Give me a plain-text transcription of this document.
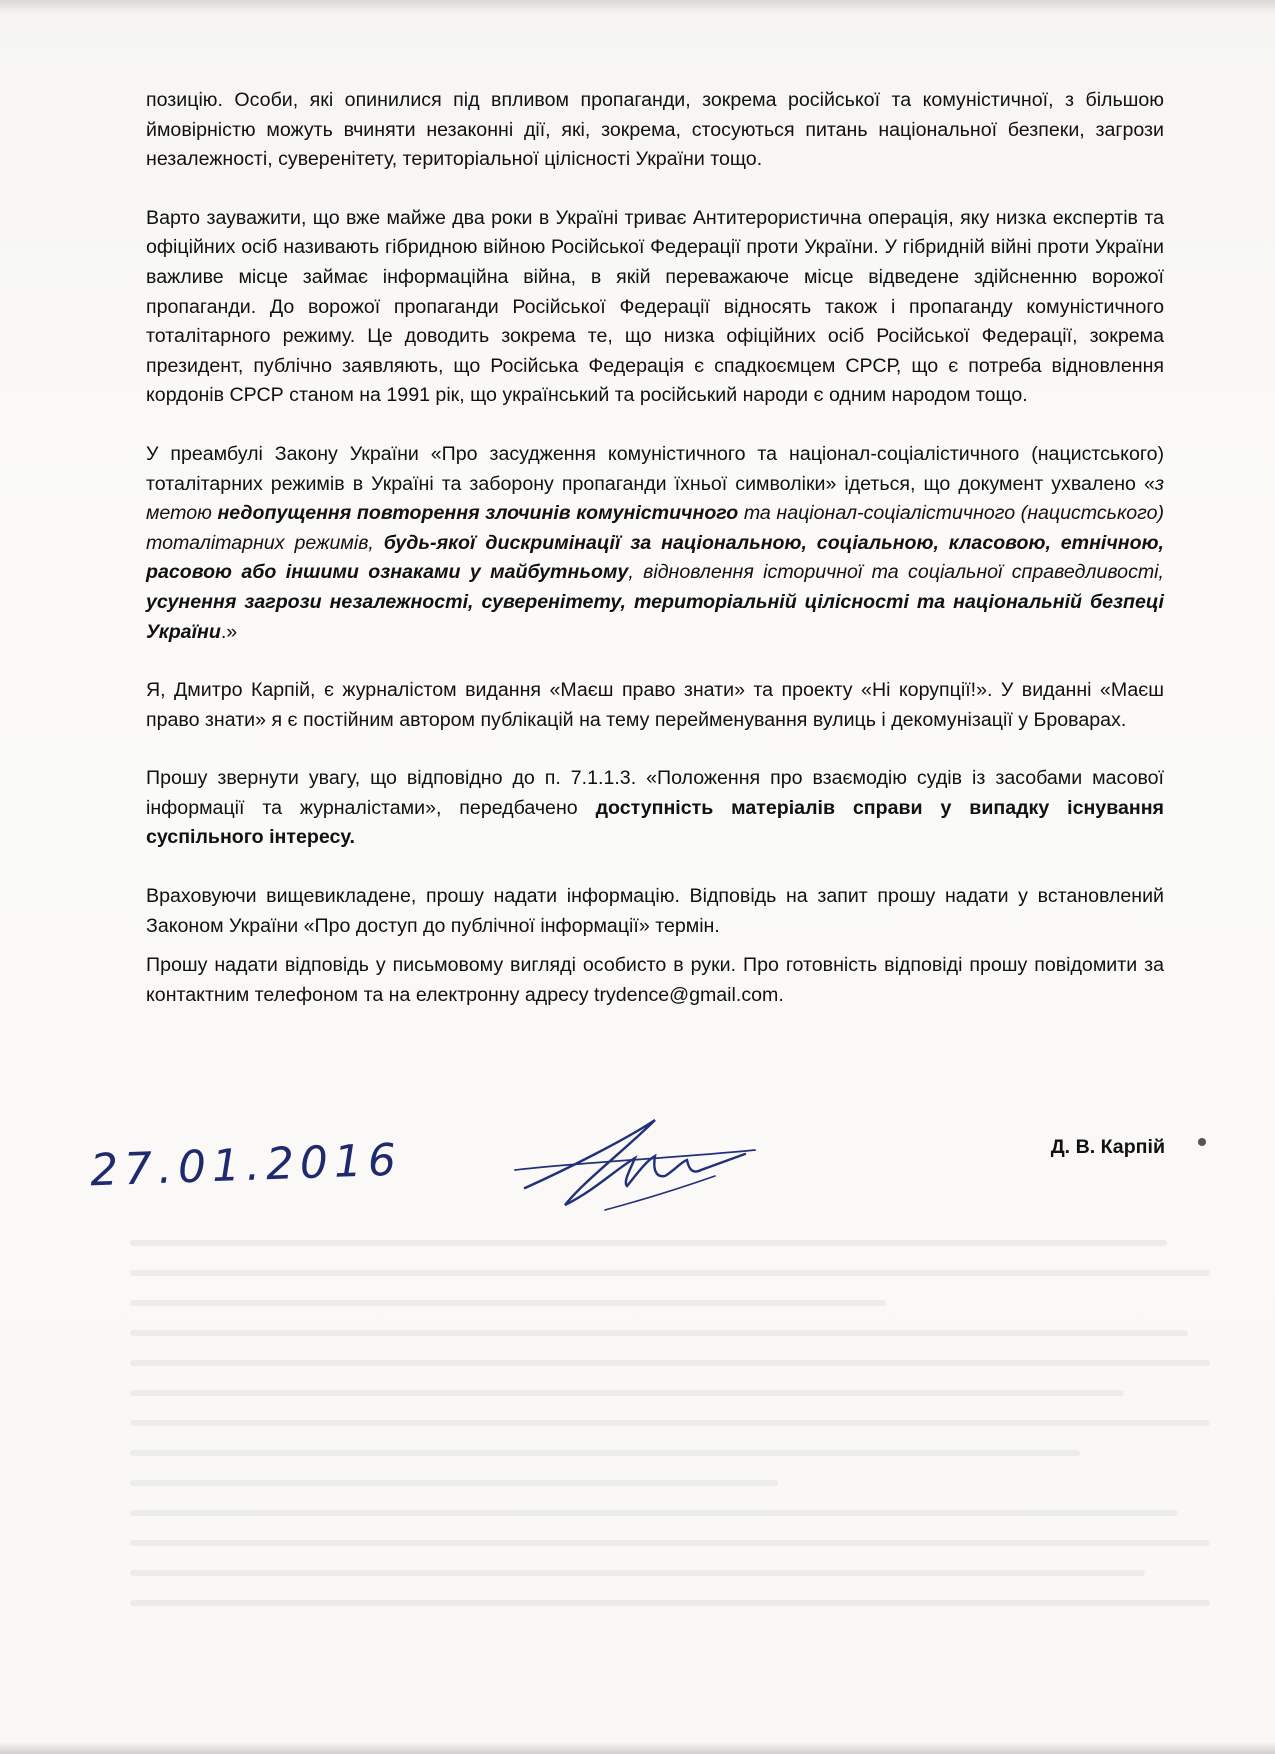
позицію. Особи, які опинилися під впливом пропаганди, зокрема російської та комуністичної, з більшою ймовірністю можуть вчиняти незаконні дії, які, зокрема, стосуються питань національної безпеки, загрози незалежності, суверенітету, територіальної цілісності України тощо.

Варто зауважити, що вже майже два роки в Україні триває Антитерористична операція, яку низка експертів та офіційних осіб називають гібридною війною Російської Федерації проти України. У гібридній війні проти України важливе місце займає інформаційна війна, в якій переважаюче місце відведене здійсненню ворожої пропаганди. До ворожої пропаганди Російської Федерації відносять також і пропаганду комуністичного тоталітарного режиму. Це доводить зокрема те, що низка офіційних осіб Російської Федерації, зокрема президент, публічно заявляють, що Російська Федерація є спадкоємцем СРСР, що є потреба відновлення кордонів СРСР станом на 1991 рік, що український та російський народи є одним народом тощо.

У преамбулі Закону України «Про засудження комуністичного та націонал-соціалістичного (нацистського) тоталітарних режимів в Україні та заборону пропаганди їхньої символіки» ідеться, що документ ухвалено «з метою недопущення повторення злочинів комуністичного та націонал-соціалістичного (нацистського) тоталітарних режимів, будь-якої дискримінації за національною, соціальною, класовою, етнічною, расовою або іншими ознаками у майбутньому, відновлення історичної та соціальної справедливості, усунення загрози незалежності, суверенітету, територіальній цілісності та національній безпеці України.»

Я, Дмитро Карпій, є журналістом видання «Маєш право знати» та проекту «Ні корупції!». У виданні «Маєш право знати» я є постійним автором публікацій на тему перейменування вулиць і декомунізації у Броварах.

Прошу звернути увагу, що відповідно до п. 7.1.1.3. «Положення про взаємодію судів із засобами масової інформації та журналістами», передбачено доступність матеріалів справи у випадку існування суспільного інтересу.

Враховуючи вищевикладене, прошу надати інформацію. Відповідь на запит прошу надати у встановлений Законом України «Про доступ до публічної інформації» термін.

Прошу надати відповідь у письмовому вигляді особисто в руки. Про готовність відповіді прошу повідомити за контактним телефоном та на електронну адресу trydence@gmail.com.

27.01.2016	Д. В. Карпій
